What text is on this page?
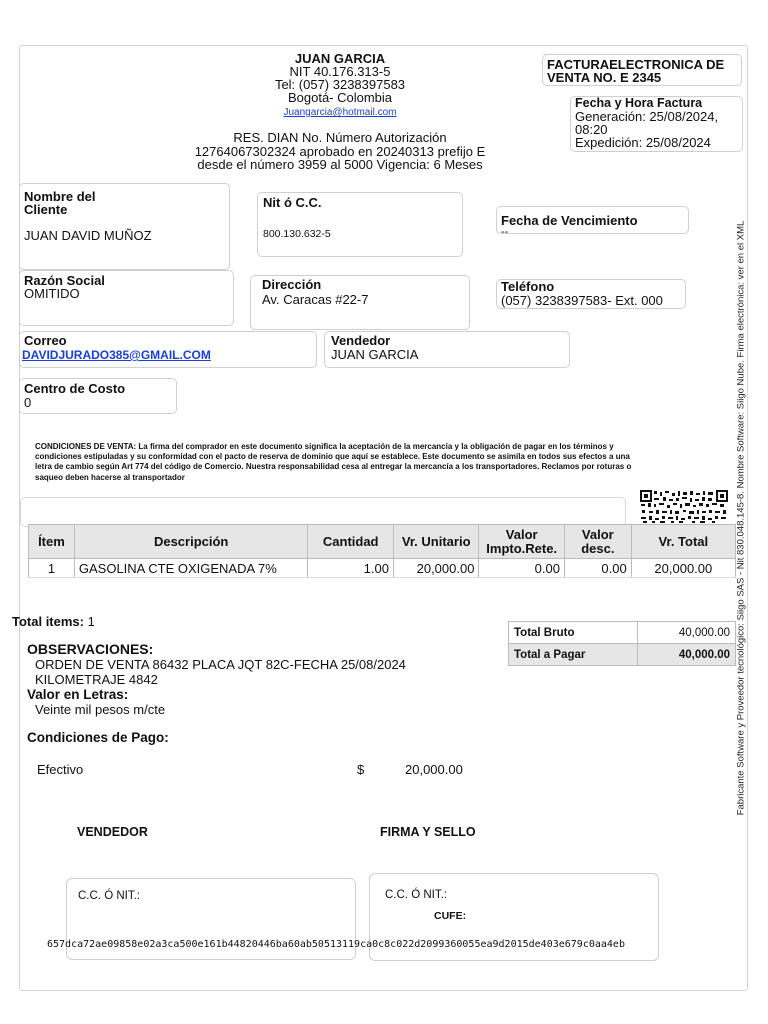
JUAN GARCIA
NIT 40.176.313-5
Tel: (057) 3238397583
Bogotá- Colombia
Juangarcia@hotmail.com
RES. DIAN No. Número Autorización
12764067302324 aprobado en 20240313 prefijo E
desde el número 3959 al 5000 Vigencia: 6 Meses
FACTURAELECTRONICA DE
VENTA NO. E 2345
Fecha y Hora Factura
Generación: 25/08/2024,
08:20
Expedición: 25/08/2024
Nombre del
Cliente
JUAN DAVID MUÑOZ
Nit ó C.C.
800.130.632-5
Fecha de Vencimiento
--
Razón Social
OMITIDO
Dirección
Av. Caracas #22-7
Teléfono
(057) 3238397583- Ext. 000
Correo
DAVIDJURADO385@GMAIL.COM
Vendedor
JUAN GARCIA
Centro de Costo
0
CONDICIONES DE VENTA: La firma del comprador en este documento significa la aceptación de la mercancía y la obligación de pagar en los términos y condiciones estipuladas y su conformidad con el pacto de reserva de dominio que aquí se establece. Este documento se asimila en todos sus efectos a una letra de cambio según Art 774 del código de Comercio. Nuestra responsabilidad cesa al entregar la mercancía a los transportadores. Reclamos por roturas o saqueo deben hacerse al transportador
Ítem	Descripción	Cantidad	Vr. Unitario	Valor Impto.Rete.	Valor desc.	Vr. Total
1	GASOLINA CTE OXIGENADA 7%	1.00	20,000.00	0.00	0.00	20,000.00
Total items: 1
Total Bruto	40,000.00
Total a Pagar	40,000.00
OBSERVACIONES:
ORDEN DE VENTA 86432 PLACA JQT 82C-FECHA 25/08/2024
KILOMETRAJE 4842
Valor en Letras:
Veinte mil pesos m/cte
Condiciones de Pago:
Efectivo	$	20,000.00
VENDEDOR	FIRMA Y SELLO
C.C. Ó NIT.:	C.C. Ó NIT.:
CUFE:
657dca72ae09858e02a3ca500e161b44820446ba60ab50513119ca0c8c022d2099360055ea9d2015de403e679c0aa4eb
Fabricante Software y Proveedor tecnológico: Siigo SAS - Nit 830.048.145-8. Nombre Software: Siigo Nube. Firma electrónica: ver en el XML
